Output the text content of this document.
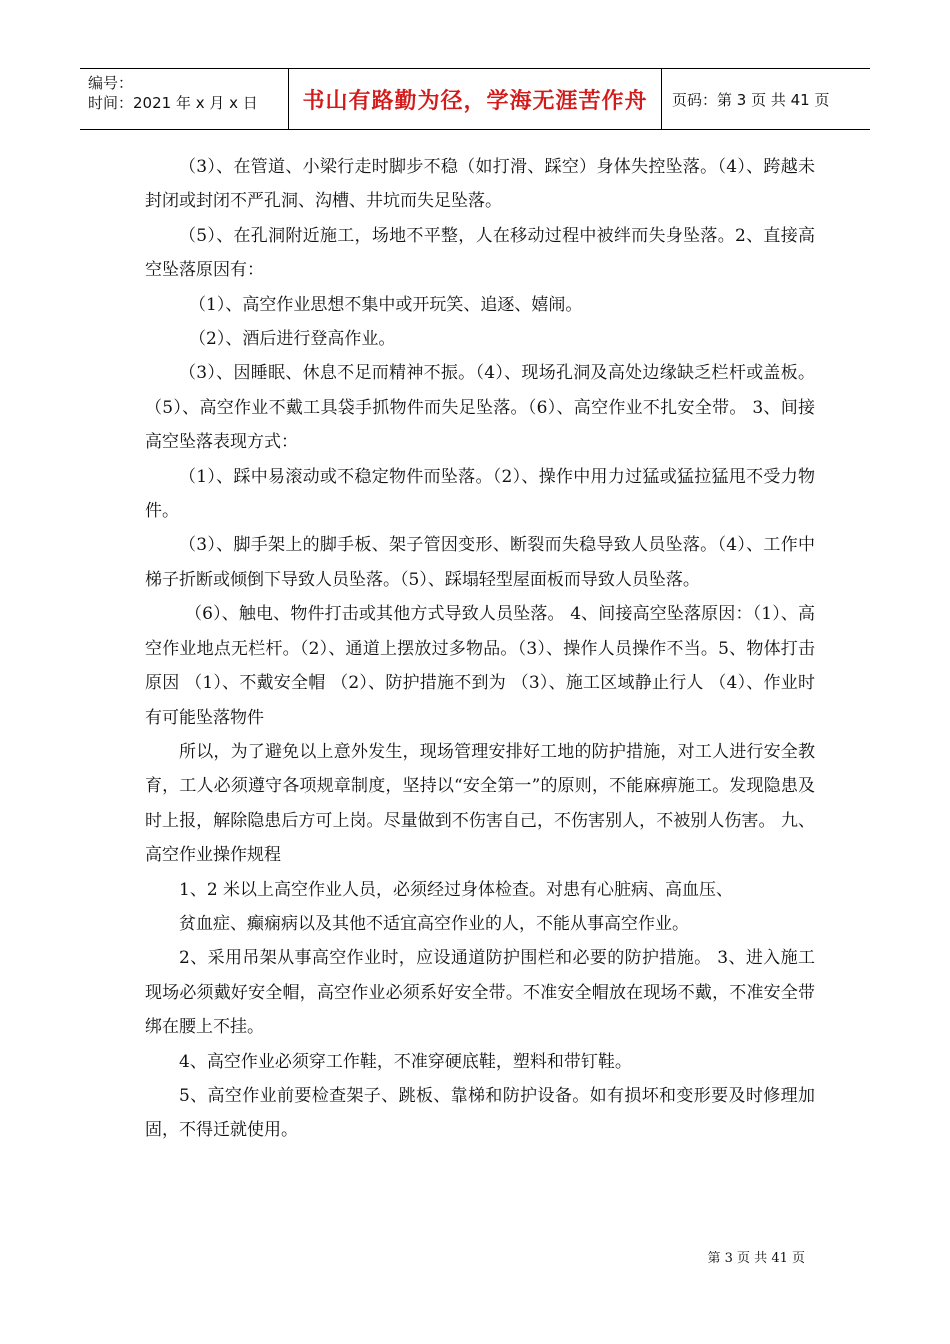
编号：
时间：2021 年 x 月 x 日	书山有路勤为径，学海无涯苦作舟	页码：第 3 页 共 41 页

（3）、在管道、小梁行走时脚步不稳（如打滑、踩空）身体失控坠落。（4）、跨越未封闭或封闭不严孔洞、沟槽、井坑而失足坠落。

（5）、在孔洞附近施工，场地不平整，人在移动过程中被绊而失身坠落。2、直接高空坠落原因有：

（1）、高空作业思想不集中或开玩笑、追逐、嬉闹。

（2）、酒后进行登高作业。

（3）、因睡眠、休息不足而精神不振。（4）、现场孔洞及高处边缘缺乏栏杆或盖板。（5）、高空作业不戴工具袋手抓物件而失足坠落。（6）、高空作业不扎安全带。 3、间接高空坠落表现方式：

（1）、踩中易滚动或不稳定物件而坠落。（2）、操作中用力过猛或猛拉猛甩不受力物件。

（3）、脚手架上的脚手板、架子管因变形、断裂而失稳导致人员坠落。（4）、工作中梯子折断或倾倒下导致人员坠落。（5）、踩塌轻型屋面板而导致人员坠落。

（6）、触电、物件打击或其他方式导致人员坠落。 4、间接高空坠落原因：（1）、高空作业地点无栏杆。（2）、通道上摆放过多物品。（3）、操作人员操作不当。5、物体打击原因 （1）、不戴安全帽 （2）、防护措施不到为 （3）、施工区域静止行人 （4）、作业时有可能坠落物件

所以，为了避免以上意外发生，现场管理安排好工地的防护措施，对工人进行安全教育，工人必须遵守各项规章制度，坚持以“安全第一”的原则，不能麻痹施工。发现隐患及时上报，解除隐患后方可上岗。尽量做到不伤害自己，不伤害别人，不被别人伤害。 九、高空作业操作规程

1、2 米以上高空作业人员，必须经过身体检查。对患有心脏病、高血压、

贫血症、癫痫病以及其他不适宜高空作业的人，不能从事高空作业。

2、采用吊架从事高空作业时，应设通道防护围栏和必要的防护措施。 3、进入施工现场必须戴好安全帽，高空作业必须系好安全带。不准安全帽放在现场不戴，不准安全带绑在腰上不挂。

4、高空作业必须穿工作鞋，不准穿硬底鞋，塑料和带钉鞋。

5、高空作业前要检查架子、跳板、靠梯和防护设备。如有损坏和变形要及时修理加固，不得迁就使用。

第 3 页 共 41 页
